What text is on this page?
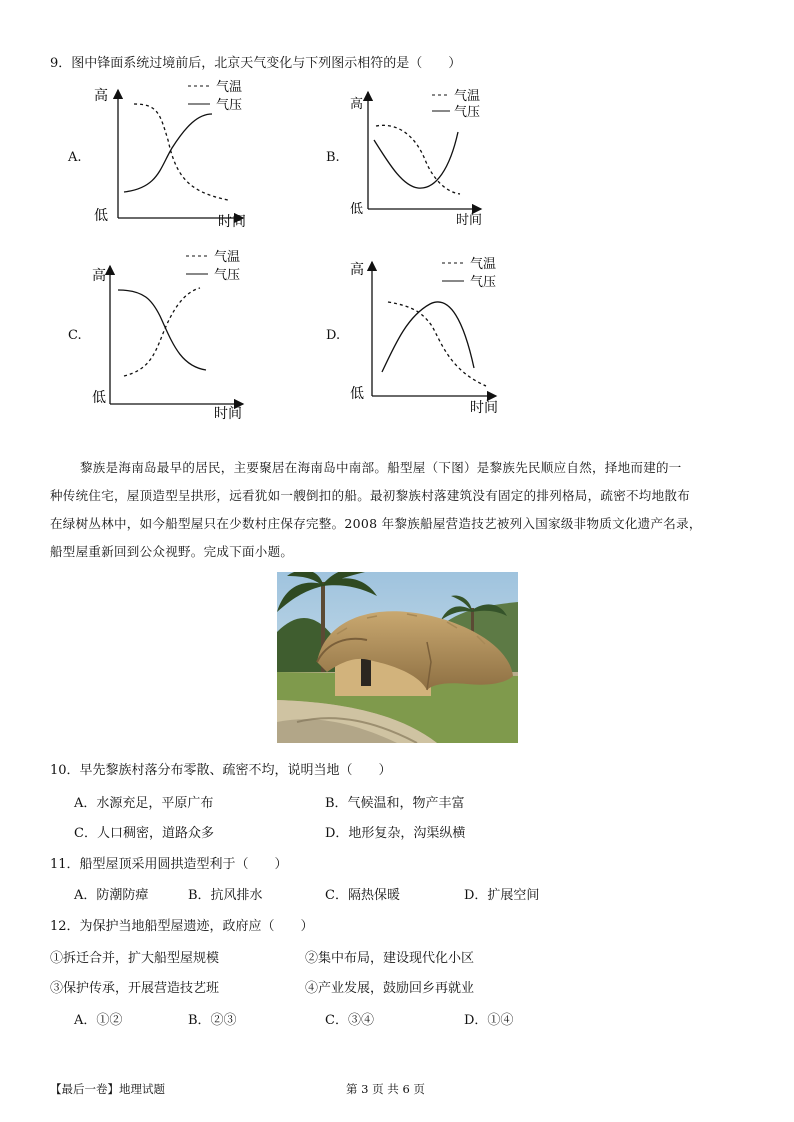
9．图中锋面系统过境前后，北京天气变化与下列图示相符的是（　　）
A.
高
低	时间
气温
气压
B.
高
低
时间
气温
气压
C.
高
低
时间
气温
气压
D.
高
低
时间
气温
气压
黎族是海南岛最早的居民，主要聚居在海南岛中南部。船型屋（下图）是黎族先民顺应自然，择地而建的一
种传统住宅，屋顶造型呈拱形，远看犹如一艘倒扣的船。最初黎族村落建筑没有固定的排列格局，疏密不均地散布
在绿树丛林中，如今船型屋只在少数村庄保存完整。2008 年黎族船屋营造技艺被列入国家级非物质文化遗产名录，
船型屋重新回到公众视野。完成下面小题。
10．早先黎族村落分布零散、疏密不均，说明当地（　　）
A．水源充足，平原广布	B．气候温和，物产丰富
C．人口稠密，道路众多	D．地形复杂，沟渠纵横
11．船型屋顶采用圆拱造型利于（　　）
A．防潮防瘴	B．抗风排水	C．隔热保暖	D．扩展空间
12．为保护当地船型屋遗迹，政府应（　　）
①拆迁合并，扩大船型屋规模	②集中布局，建设现代化小区
③保护传承，开展营造技艺班	④产业发展，鼓励回乡再就业
A．①②	B．②③	C．③④	D．①④
【最后一卷】地理试题	第 3 页 共 6 页
